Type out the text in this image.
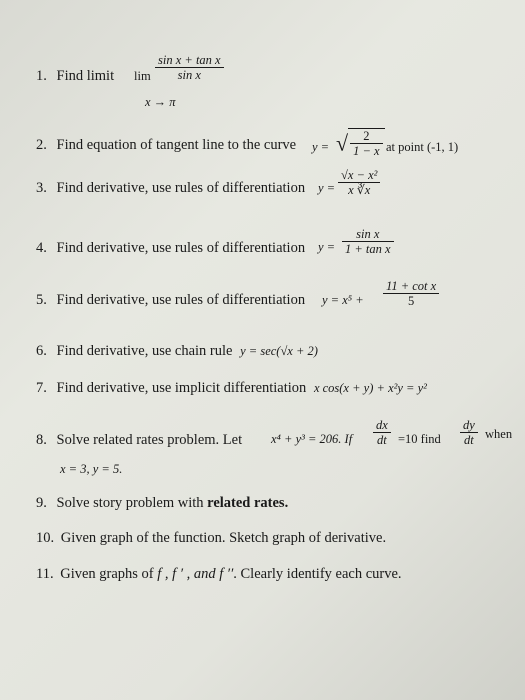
1. Find limit $\lim \frac{\text{sin x + tan x}}{\text{sin x}}$
x → π
2. Find equation of tangent line to the curve y = √ $\frac{2}{1 - x}$ at point (-1, 1)
3. Find derivative, use rules of differentiation $y = \frac{\text{√x − x²}}{x ∛x}$
4. Find derivative, use rules of differentiation $y = \frac{\text{sin x}}{\text{1 + tan x}}$
5. Find derivative, use rules of differentiation $y = x^5 + \frac{\text{11 + cot x}}{5}$
6. Find derivative, use chain rule y = sec(√x + 2)
7. Find derivative, use implicit differentiation x cos(x + y) + x²y = y²
8. Solve related rates problem. Let x⁴ + y³ = 206. If $\frac{dx}{dt} =10$ find $\frac{dy}{dt}$ when
x = 3, y = 5.
9. Solve story problem with related rates.
10. Given graph of the function. Sketch graph of derivative.
11. Given graphs of f , f ′ , and f ′′. Clearly identify each curve.
